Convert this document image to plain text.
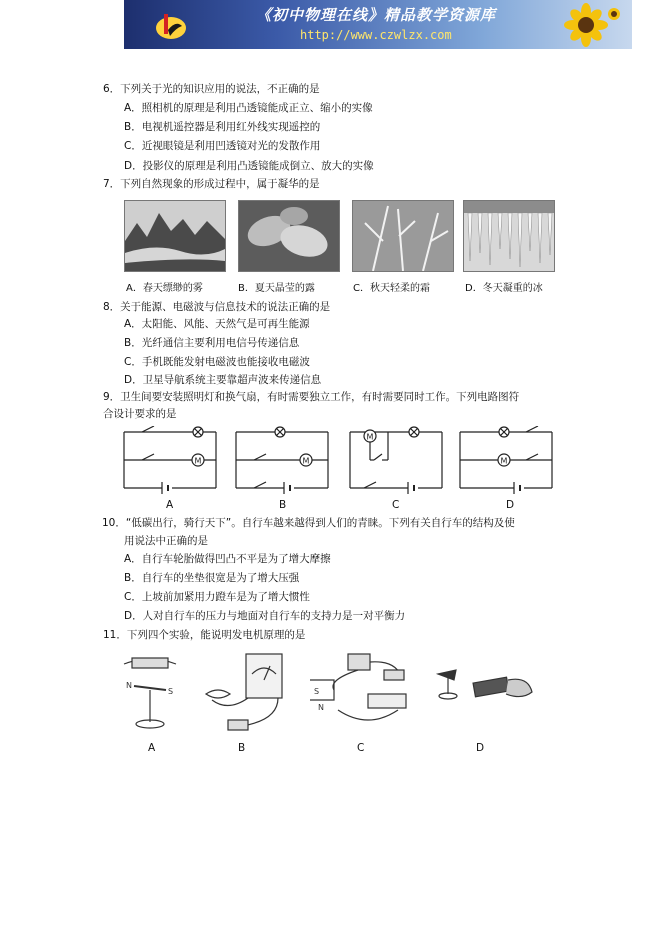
《初中物理在线》精品教学资源库
http://www.czwlzx.com
6．下列关于光的知识应用的说法，不正确的是
A．照相机的原理是利用凸透镜能成正立、缩小的实像
B．电视机遥控器是利用红外线实现遥控的
C．近视眼镜是利用凹透镜对光的发散作用
D．投影仪的原理是利用凸透镜能成倒立、放大的实像
7．下列自然现象的形成过程中，属于凝华的是
A．春天缥缈的雾	B．夏天晶莹的露	C．秋天轻柔的霜	D．冬天凝重的冰
8．关于能源、电磁波与信息技术的说法正确的是
A．太阳能、风能、天然气是可再生能源
B．光纤通信主要利用电信号传递信息
C．手机既能发射电磁波也能接收电磁波
D．卫星导航系统主要靠超声波来传递信息
9．卫生间要安装照明灯和换气扇，有时需要独立工作，有时需要同时工作。下列电路图符
合设计要求的是
M	M
M
M
A	B	C	D
10．“低碳出行，骑行天下”。自行车越来越得到人们的青睐。下列有关自行车的结构及使
用说法中正确的是
A．自行车轮胎做得凹凸不平是为了增大摩擦
B．自行车的坐垫很宽是为了增大压强
C．上坡前加紧用力蹬车是为了增大惯性
D．人对自行车的压力与地面对自行车的支持力是一对平衡力
11．下列四个实验，能说明发电机原理的是
N
S	S
N
A	B	C	D
